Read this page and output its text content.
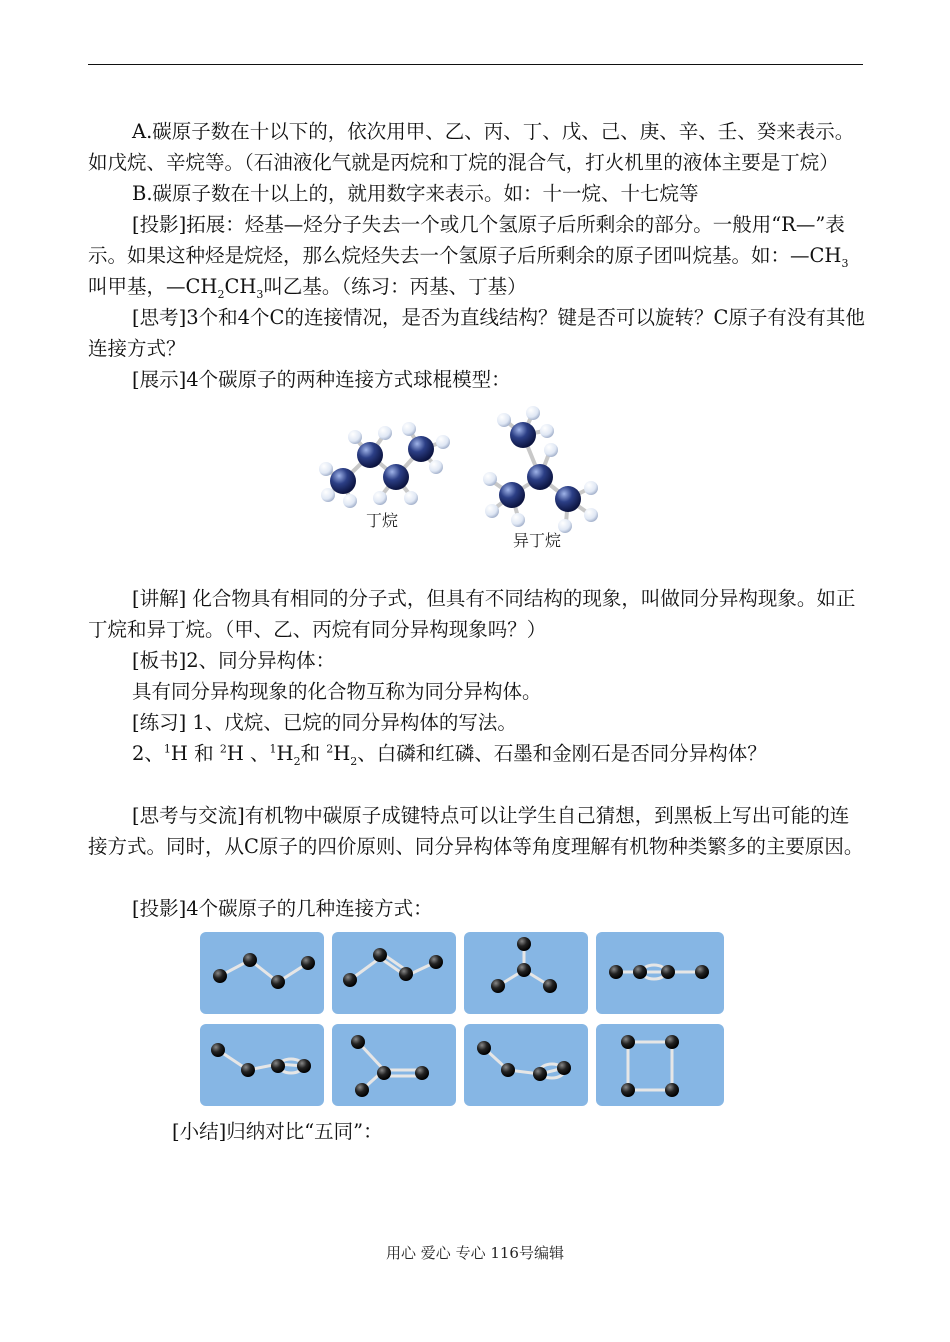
A.碳原子数在十以下的，依次用甲、乙、丙、丁、戊、己、庚、辛、壬、癸来表示。如戊烷、辛烷等。（石油液化气就是丙烷和丁烷的混合气，打火机里的液体主要是丁烷）

B.碳原子数在十以上的，就用数字来表示。如：十一烷、十七烷等

[投影]拓展：烃基—烃分子失去一个或几个氢原子后所剩余的部分。一般用“R—”表示。如果这种烃是烷烃，那么烷烃失去一个氢原子后所剩余的原子团叫烷基。如：$—CH_3$叫甲基，$—CH_2CH_3$叫乙基。（练习：丙基、丁基）

[思考]3个和4个C的连接情况，是否为直线结构？键是否可以旋转？C原子有没有其他连接方式？

[展示]4个碳原子的两种连接方式球棍模型：

丁烷
异丁烷

[讲解] 化合物具有相同的分子式，但具有不同结构的现象，叫做同分异构现象。如正丁烷和异丁烷。（甲、乙、丙烷有同分异构现象吗？）

[板书]2、同分异构体：

具有同分异构现象的化合物互称为同分异构体。

[练习] 1、戊烷、已烷的同分异构体的写法。

2、$^1$H 和 $^2$H 、$^1H_2$和 $^2H_2$、白磷和红磷、石墨和金刚石是否同分异构体？

[思考与交流]有机物中碳原子成键特点可以让学生自己猜想，到黑板上写出可能的连接方式。同时，从C原子的四价原则、同分异构体等角度理解有机物种类繁多的主要原因。

[投影]4个碳原子的几种连接方式：

[小结]归纳对比“五同”：

用心 爱心 专心 116号编辑
